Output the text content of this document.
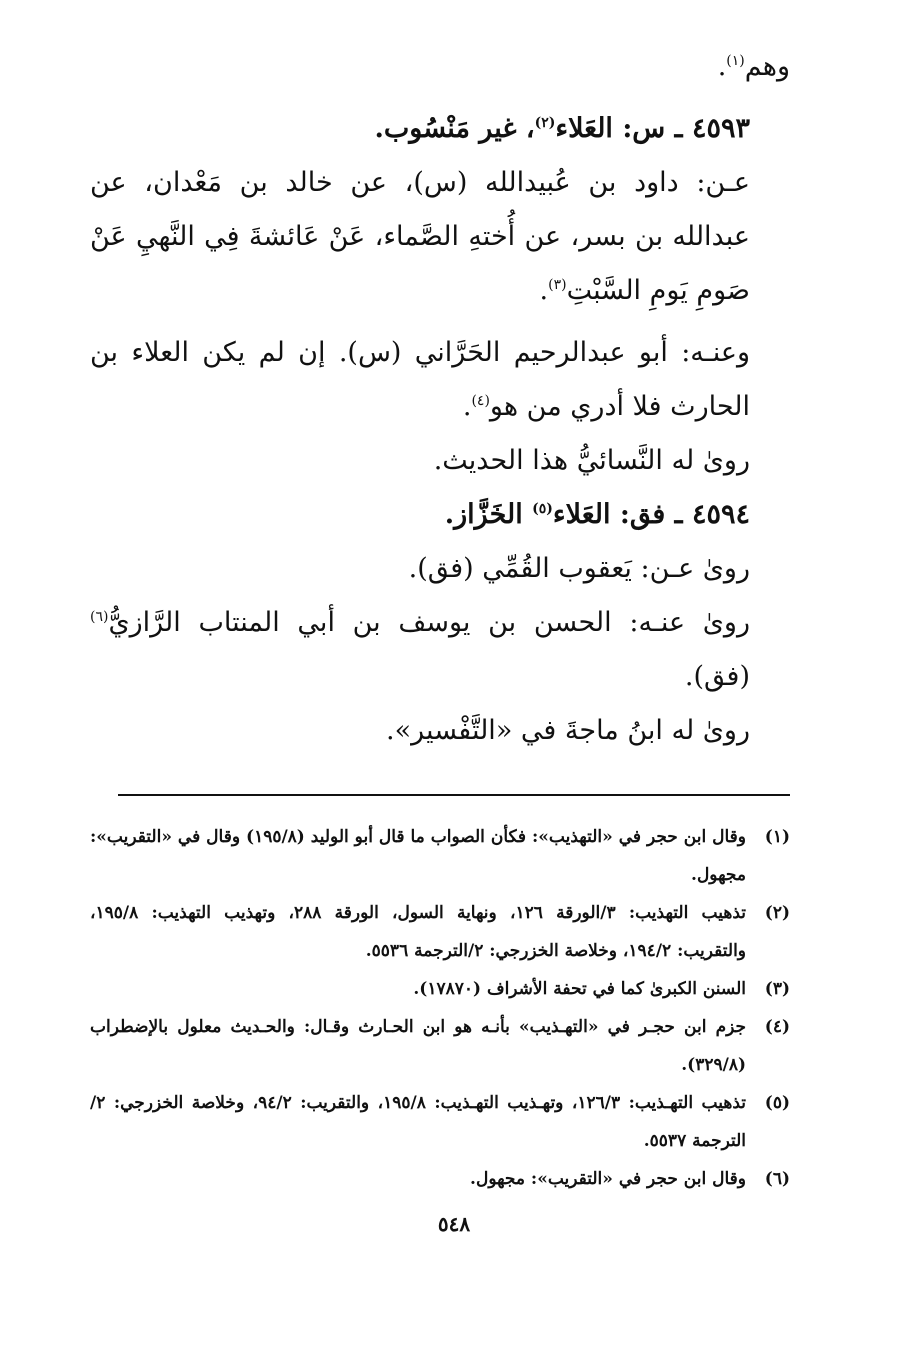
وهم$^{(١)}$.

٤٥٩٣ ـ س: العَلاء$^{(٢)}$، غير مَنْسُوب.

عـن: داود بن عُبيدالله (س)، عن خالد بن مَعْدان، عن عبدالله بن بسر، عن أُختهِ الصَّماء، عَنْ عَائشةَ فِي النَّهيِ عَنْ صَومِ يَومِ السَّبْتِ$^{(٣)}$.

وعنـه: أبو عبدالرحيم الحَرَّاني (س). إن لم يكن العلاء بن الحارث فلا أدري من هو$^{(٤)}$.

روىٰ له النَّسائيُّ هذا الحديث.

٤٥٩٤ ـ فق: العَلاء$^{(٥)}$ الخَزَّاز.

روىٰ عـن: يَعقوب القُمِّي (فق).

روىٰ عنـه: الحسن بن يوسف بن أبي المنتاب الرَّازيُّ$^{(٦)}$ (فق).

روىٰ له ابنُ ماجةَ في «التَّفْسير».

(١)
وقال ابن حجر في «التهذيب»: فكأن الصواب ما قال أبو الوليد (١٩٥/٨) وقال في «التقريب»: مجهول.
(٢)
تذهيب التهذيب: ٣/الورقة ١٢٦، ونهاية السول، الورقة ٢٨٨، وتهذيب التهذيب: ١٩٥/٨، والتقريب: ١٩٤/٢، وخلاصة الخزرجي: ٢/الترجمة ٥٥٣٦.
(٣)
السنن الكبرىٰ كما في تحفة الأشراف (١٧٨٧٠).
(٤)
جزم ابن حجـر في «التهـذيب» بأنـه هو ابن الحـارث وقـال: والحـديث معلول بالإضطراب (٣٢٩/٨).
(٥)
تذهيب التهـذيب: ١٢٦/٣، وتهـذيب التهـذيب: ١٩٥/٨، والتقريب: ٩٤/٢، وخلاصة الخزرجي: ٢/الترجمة ٥٥٣٧.
(٦)
وقال ابن حجر في «التقريب»: مجهول.
٥٤٨
